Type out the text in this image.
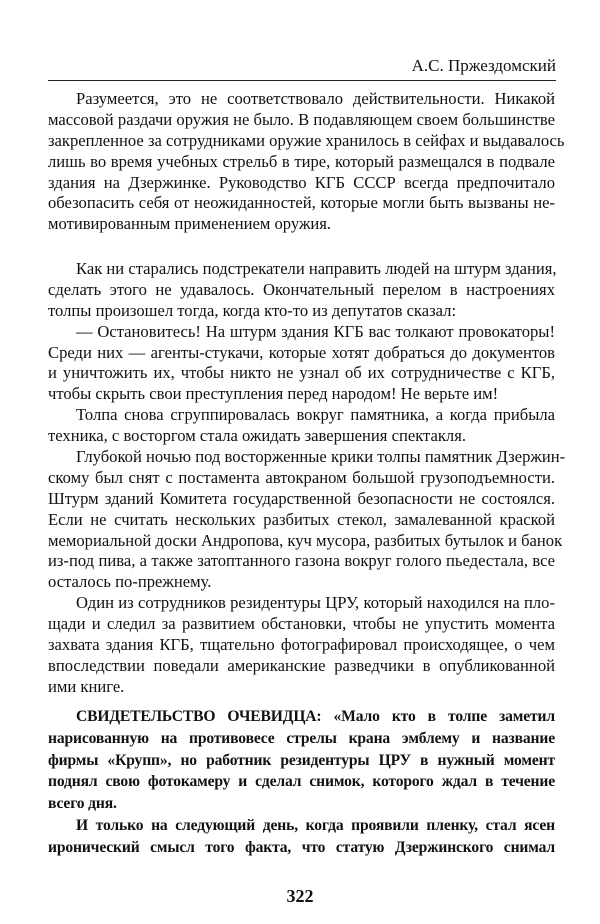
А.С. Пржездомский
Разумеется, это не соответствовало действительности. Никакой
массовой раздачи оружия не было. В подавляющем своем большинстве
закрепленное за сотрудниками оружие хранилось в сейфах и выдавалось
лишь во время учебных стрельб в тире, который размещался в подвале
здания на Дзержинке. Руководство КГБ СССР всегда предпочитало
обезопасить себя от неожиданностей, которые могли быть вызваны не-
мотивированным применением оружия.
Как ни старались подстрекатели направить людей на штурм здания,
сделать этого не удавалось. Окончательный перелом в настроениях
толпы произошел тогда, когда кто-то из депутатов сказал:
— Остановитесь! На штурм здания КГБ вас толкают провокаторы!
Среди них — агенты-стукачи, которые хотят добраться до документов
и уничтожить их, чтобы никто не узнал об их сотрудничестве с КГБ,
чтобы скрыть свои преступления перед народом! Не верьте им!
Толпа снова сгруппировалась вокруг памятника, а когда прибыла
техника, с восторгом стала ожидать завершения спектакля.
Глубокой ночью под восторженные крики толпы памятник Дзержин-
скому был снят с постамента автокраном большой грузоподъемности.
Штурм зданий Комитета государственной безопасности не состоялся.
Если не считать нескольких разбитых стекол, замалеванной краской
мемориальной доски Андропова, куч мусора, разбитых бутылок и банок
из-под пива, а также затоптанного газона вокруг голого пьедестала, все
осталось по-прежнему.
Один из сотрудников резидентуры ЦРУ, который находился на пло-
щади и следил за развитием обстановки, чтобы не упустить момента
захвата здания КГБ, тщательно фотографировал происходящее, о чем
впоследствии поведали американские разведчики в опубликованной
ими книге.
СВИДЕТЕЛЬСТВО ОЧЕВИДЦА: «Мало кто в толпе заметил
нарисованную на противовесе стрелы крана эмблему и название
фирмы «Крупп», но работник резидентуры ЦРУ в нужный момент
поднял свою фотокамеру и сделал снимок, которого ждал в течение
всего дня.
И только на следующий день, когда проявили пленку, стал ясен
иронический смысл того факта, что статую Дзержинского снимал
322
